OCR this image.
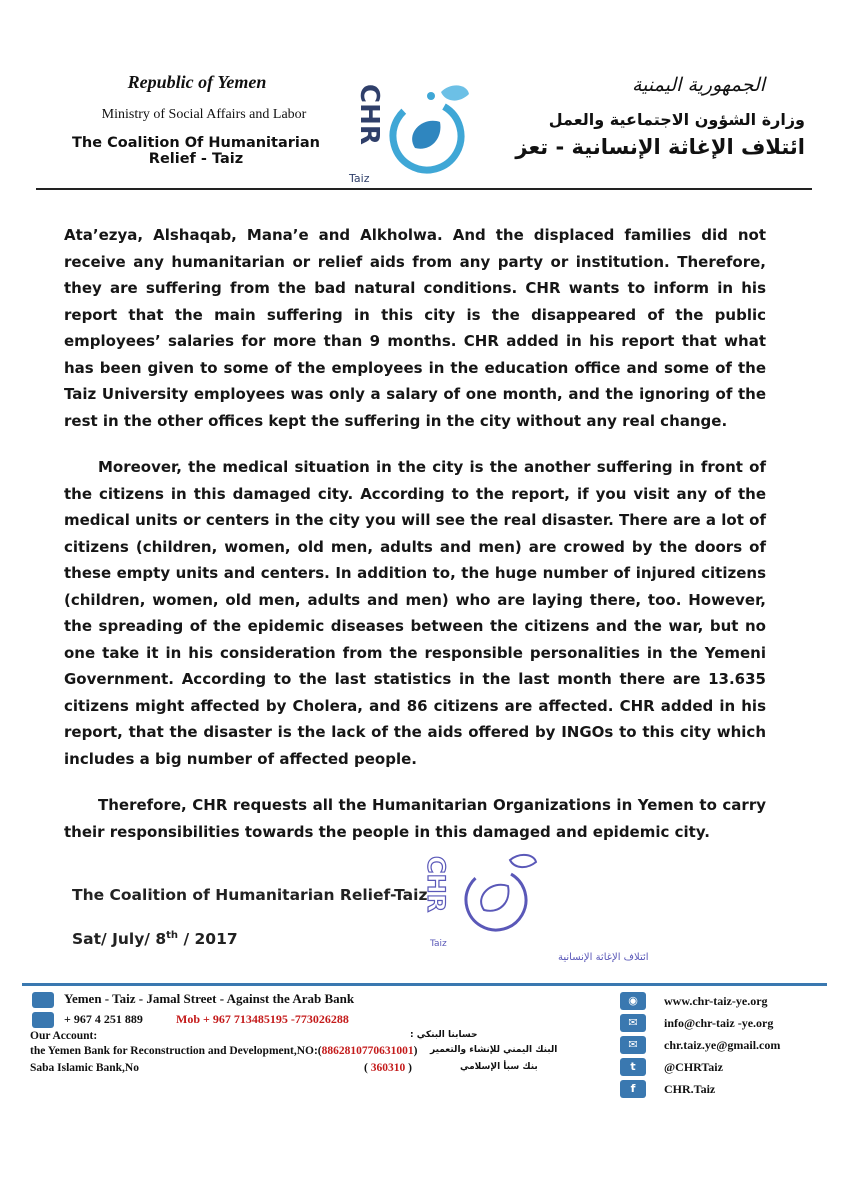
Republic of Yemen
Ministry of Social Affairs and Labor
The Coalition Of Humanitarian Relief - Taiz
CHR
Taiz
الجمهورية اليمنية
وزارة الشؤون الاجتماعية والعمل
ائتلاف الإغاثة الإنسانية - تعز

Ata’ezya, Alshaqab, Mana’e and Alkholwa. And the displaced families did not receive any humanitarian or relief aids from any party or institution. Therefore, they are suffering from the bad natural conditions. CHR wants to inform in his report that the main suffering in this city is the disappeared of the public employees’ salaries for more than 9 months. CHR added in his report that what has been given to some of the employees in the education office and some of the Taiz University employees was only a salary of one month, and the ignoring of the rest in the other offices kept the suffering in the city without any real change.

Moreover, the medical situation in the city is the another suffering in front of the citizens in this damaged city. According to the report, if you visit any of the medical units or centers in the city you will see the real disaster. There are a lot of citizens (children, women, old men, adults and men) are crowed by the doors of these empty units and centers. In addition to, the huge number of injured citizens (children, women, old men, adults and men) who are laying there, too. However, the spreading of the epidemic diseases between the citizens and the war, but no one take it in his consideration from the responsible personalities in the Yemeni Government. According to the last statistics in the last month there are 13.635 citizens might affected by Cholera, and 86 citizens are affected. CHR added in his report, that the disaster is the lack of the aids offered by INGOs to this city which includes a big number of affected people.

Therefore, CHR requests all the Humanitarian Organizations in Yemen to carry their responsibilities towards the people in this damaged and epidemic city.

The Coalition of Humanitarian Relief-Taiz
Sat/ July/ 8th / 2017
CHR
Taiz
ائتلاف الإغاثة الإنسانية
Yemen - Taiz - Jamal Street - Against the Arab Bank
+ 967 4 251 889	Mob + 967 713485195 -773026288
Our Account:	حسابنا البنكي :
the Yemen Bank for Reconstruction and Development,NO:(8862810770631001) البنك اليمني للإنشاء والتعمير
Saba Islamic Bank,No	( 360310 )	بنك سبأ الإسلامي
◉	www.chr-taiz-ye.org
✉	info@chr-taiz -ye.org
✉	chr.taiz.ye@gmail.com
t	@CHRTaiz
f	CHR.Taiz
